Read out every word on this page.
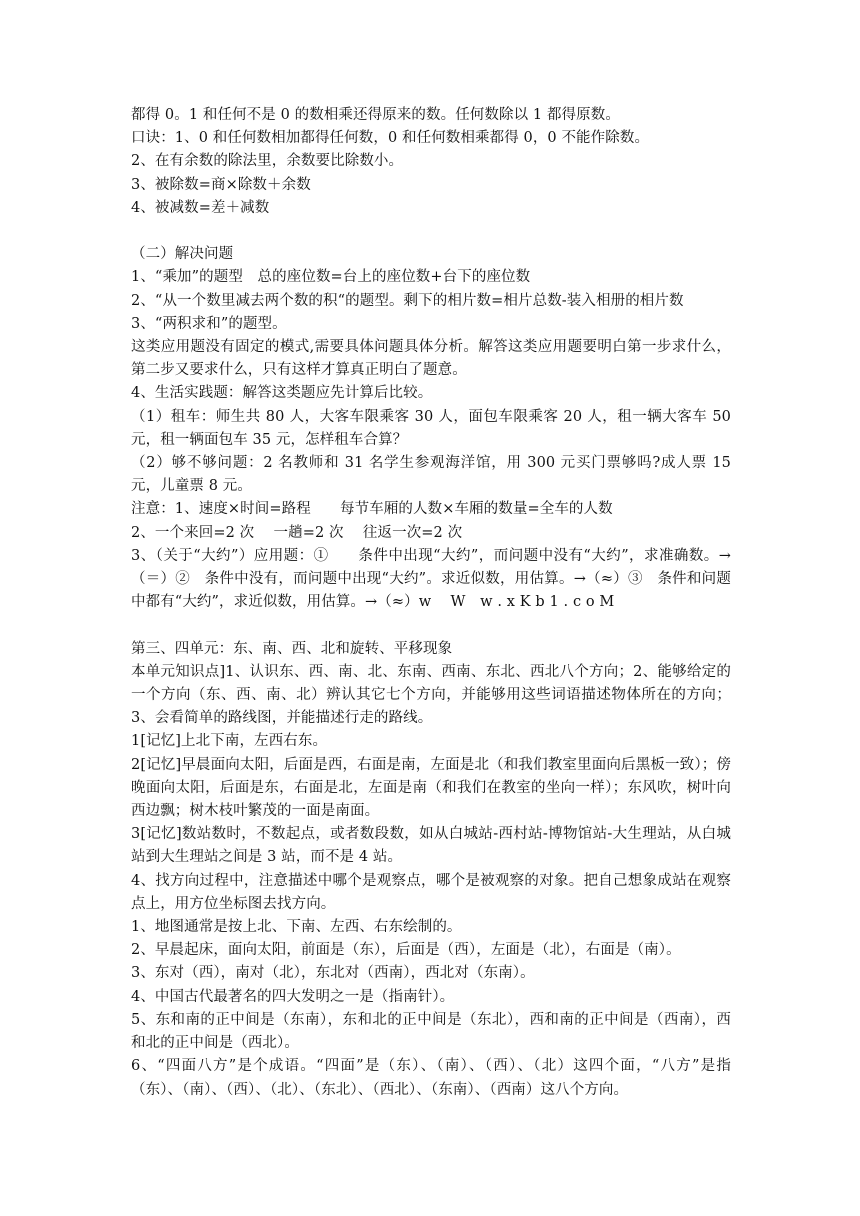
都得 0。1 和任何不是 0 的数相乘还得原来的数。任何数除以 1 都得原数。

口诀：1、0 和任何数相加都得任何数，0 和任何数相乘都得 0，0 不能作除数。

2、在有余数的除法里，余数要比除数小。

3、被除数=商×除数＋余数

4、被减数=差＋减数

（二）解决问题

1、“乘加”的题型　总的座位数=台上的座位数+台下的座位数

2、“从一个数里减去两个数的积“的题型。剩下的相片数=相片总数-装入相册的相片数

3、“两积求和”的题型。

这类应用题没有固定的模式,需要具体问题具体分析。解答这类应用题要明白第一步求什么，第二步又要求什么，只有这样才算真正明白了题意。

4、生活实践题：解答这类题应先计算后比较。

（1）租车：师生共 80 人，大客车限乘客 30 人，面包车限乘客 20 人，租一辆大客车 50 元，租一辆面包车 35 元，怎样租车合算？

（2）够不够问题：2 名教师和 31 名学生参观海洋馆，用 300 元买门票够吗?成人票 15 元，儿童票 8 元。

注意：1、速度×时间=路程　　每节车厢的人数×车厢的数量=全车的人数

2、一个来回=2 次　 一趟=2 次　 往返一次=2 次

3、（关于“大约”）应用题：①　　条件中出现“大约”，而问题中没有“大约”，求准确数。→（＝）②　条件中没有，而问题中出现“大约”。求近似数，用估算。→（≈）③　条件和问题中都有“大约”，求近似数，用估算。→（≈）w　 W　w . x K b 1 . c o M

第三、四单元：东、南、西、北和旋转、平移现象

本单元知识点]1、认识东、西、南、北、东南、西南、东北、西北八个方向；2、能够给定的一个方向（东、西、南、北）辨认其它七个方向，并能够用这些词语描述物体所在的方向；3、会看简单的路线图，并能描述行走的路线。

1[记忆]上北下南，左西右东。

2[记忆]早晨面向太阳，后面是西，右面是南，左面是北（和我们教室里面向后黑板一致）；傍晚面向太阳，后面是东，右面是北，左面是南（和我们在教室的坐向一样）；东风吹，树叶向西边飘；树木枝叶繁茂的一面是南面。

3[记忆]数站数时，不数起点，或者数段数，如从白城站-西村站-博物馆站-大生理站，从白城站到大生理站之间是 3 站，而不是 4 站。

4、找方向过程中，注意描述中哪个是观察点，哪个是被观察的对象。把自己想象成站在观察点上，用方位坐标图去找方向。

1、地图通常是按上北、下南、左西、右东绘制的。

2、早晨起床，面向太阳，前面是（东），后面是（西），左面是（北），右面是（南）。

3、东对（西），南对（北），东北对（西南），西北对（东南）。

4、中国古代最著名的四大发明之一是（指南针）。

5、东和南的正中间是（东南），东和北的正中间是（东北），西和南的正中间是（西南），西和北的正中间是（西北）。

6、“四面八方”是个成语。“四面”是（东）、（南）、（西）、（北）这四个面，“八方”是指 （东）、（南）、（西）、（北）、（东北）、（西北）、（东南）、（西南）这八个方向。
